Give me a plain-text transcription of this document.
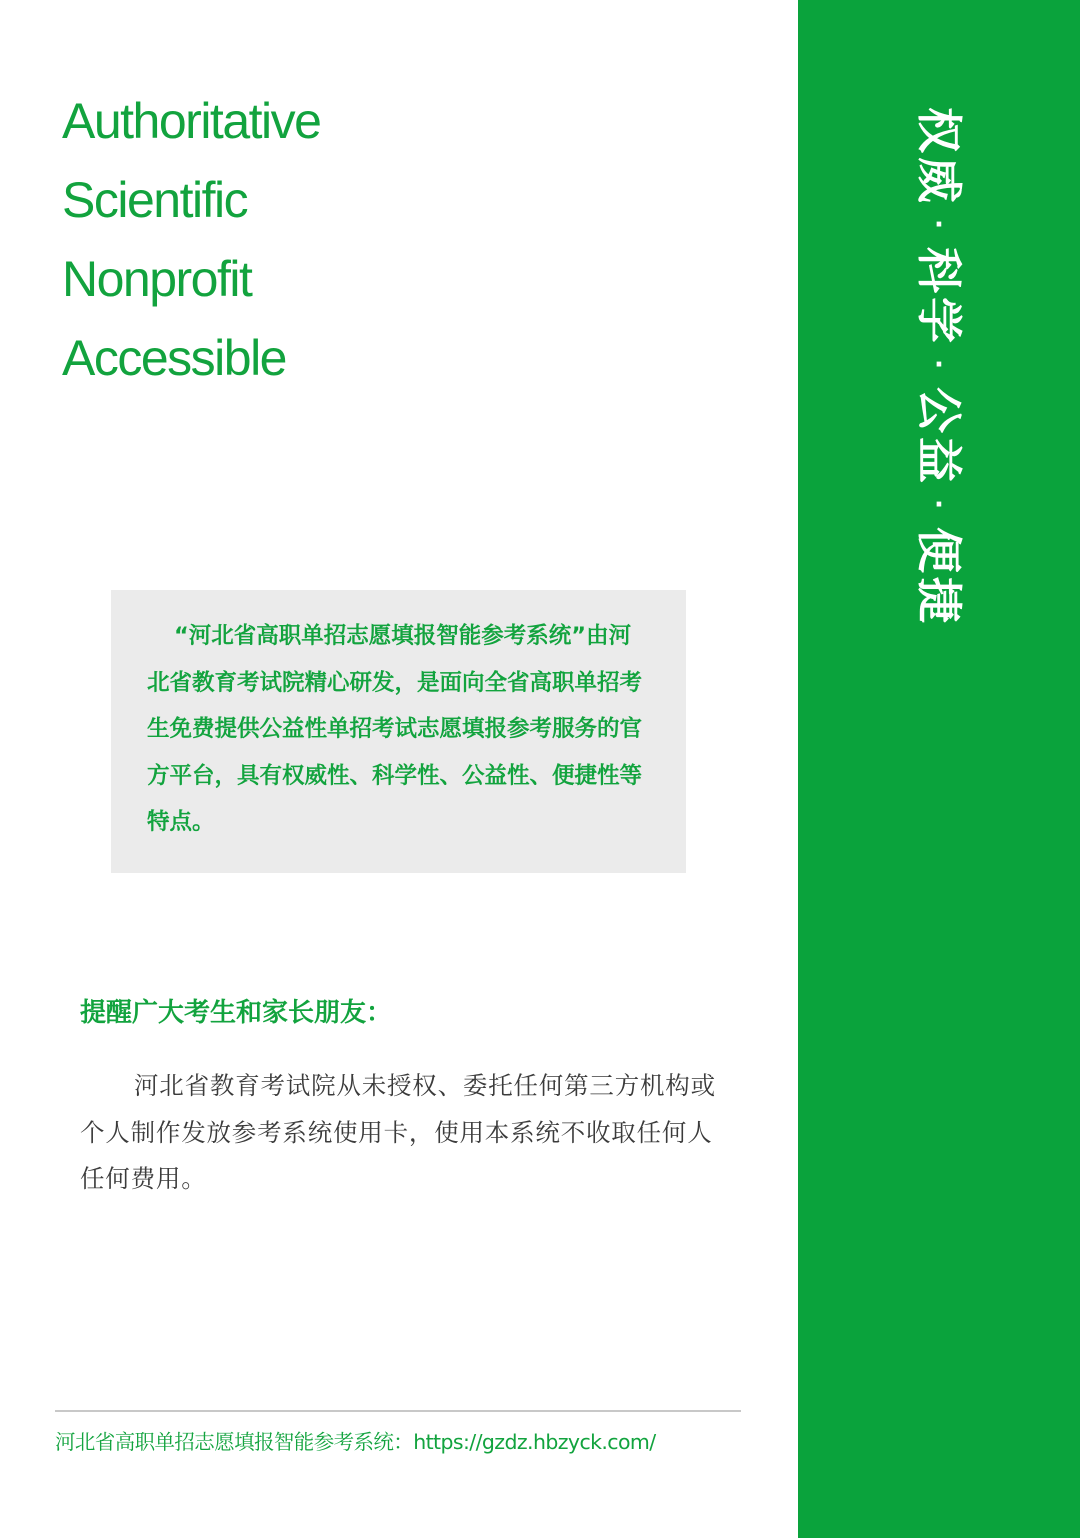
权
威
·
科
学
·
公
益
·
便
捷
Authoritative
Scientific
Nonprofit
Accessible

“河北省高职单招志愿填报智能参考系统”由河北省教育考试院精心研发，是面向全省高职单招考生免费提供公益性单招考试志愿填报参考服务的官方平台，具有权威性、科学性、公益性、便捷性等特点。

提醒广大考生和家长朋友：

河北省教育考试院从未授权、委托任何第三方机构或个人制作发放参考系统使用卡，使用本系统不收取任何人任何费用。

河北省高职单招志愿填报智能参考系统：https://gzdz.hbzyck.com/
